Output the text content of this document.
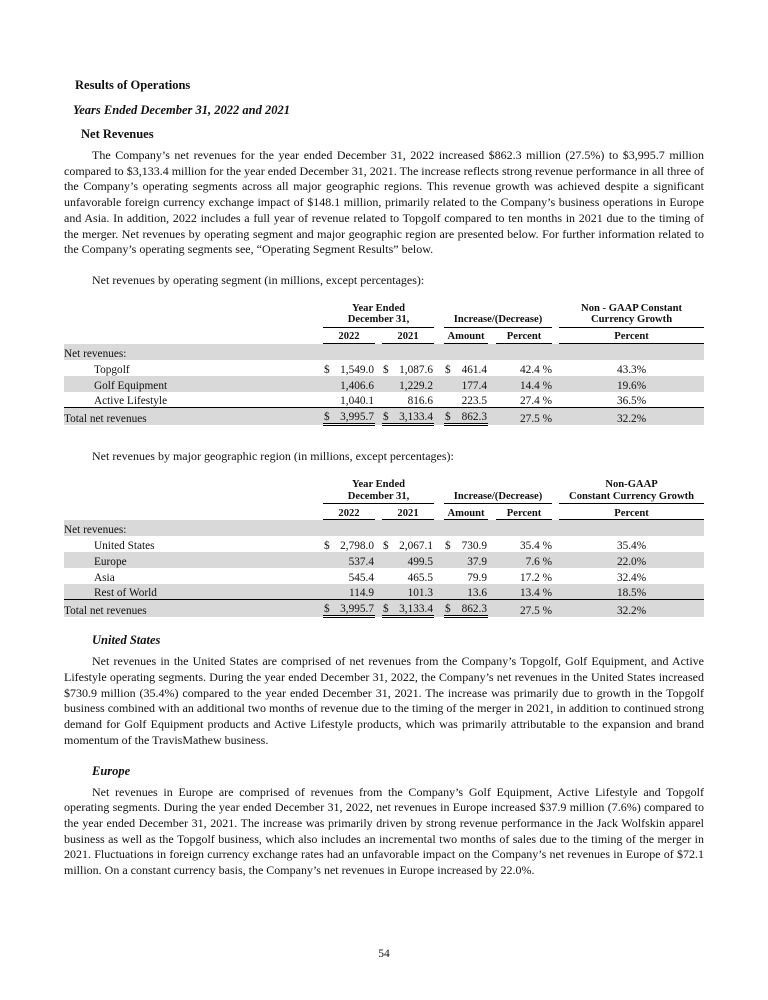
Results of Operations
Years Ended December 31, 2022 and 2021
Net Revenues

The Company’s net revenues for the year ended December 31, 2022 increased $862.3 million (27.5%) to $3,995.7 million compared to $3,133.4 million for the year ended December 31, 2021. The increase reflects strong revenue performance in all three of the Company’s operating segments across all major geographic regions. This revenue growth was achieved despite a significant unfavorable foreign currency exchange impact of $148.1 million, primarily related to the Company’s business operations in Europe and Asia. In addition, 2022 includes a full year of revenue related to Topgolf compared to ten months in 2021 due to the timing of the merger. Net revenues by operating segment and major geographic region are presented below. For further information related to the Company’s operating segments see, “Operating Segment Results” below.

Net revenues by operating segment (in millions, except percentages):

Year Ended
December 31,		Increase/(Decrease)

Non - GAAP Constant
Currency Growth

	2022		2021		Amount		Percent		Percent
Net revenues:									
Topgolf	$ 1,549.0		$ 1,087.6		$ 461.4		42.4 %		43.3%
Golf Equipment	1,406.6		1,229.2		177.4		14.4 %		19.6%
Active Lifestyle	1,040.1		816.6		223.5		27.4 %		36.5%
Total net revenues	$ 3,995.7		$ 3,133.4		$ 862.3		27.5 %		32.2%

Net revenues by major geographic region (in millions, except percentages):

Year Ended
December 31,		Increase/(Decrease)

Non-GAAP
Constant Currency Growth

	2022		2021		Amount		Percent		Percent
Net revenues:									
United States	$ 2,798.0		$ 2,067.1		$ 730.9		35.4 %		35.4%
Europe	537.4		499.5		37.9		7.6 %		22.0%
Asia	545.4		465.5		79.9		17.2 %		32.4%
Rest of World	114.9		101.3		13.6		13.4 %		18.5%
Total net revenues	$ 3,995.7		$ 3,133.4		$ 862.3		27.5 %		32.2%
United States

Net revenues in the United States are comprised of net revenues from the Company’s Topgolf, Golf Equipment, and Active Lifestyle operating segments. During the year ended December 31, 2022, the Company’s net revenues in the United States increased $730.9 million (35.4%) compared to the year ended December 31, 2021. The increase was primarily due to growth in the Topgolf business combined with an additional two months of revenue due to the timing of the merger in 2021, in addition to continued strong demand for Golf Equipment products and Active Lifestyle products, which was primarily attributable to the expansion and brand momentum of the TravisMathew business.

Europe

Net revenues in Europe are comprised of revenues from the Company’s Golf Equipment, Active Lifestyle and Topgolf operating segments. During the year ended December 31, 2022, net revenues in Europe increased $37.9 million (7.6%) compared to the year ended December 31, 2021. The increase was primarily driven by strong revenue performance in the Jack Wolfskin apparel business as well as the Topgolf business, which also includes an incremental two months of sales due to the timing of the merger in 2021. Fluctuations in foreign currency exchange rates had an unfavorable impact on the Company’s net revenues in Europe of $72.1 million. On a constant currency basis, the Company’s net revenues in Europe increased by 22.0%.

54
